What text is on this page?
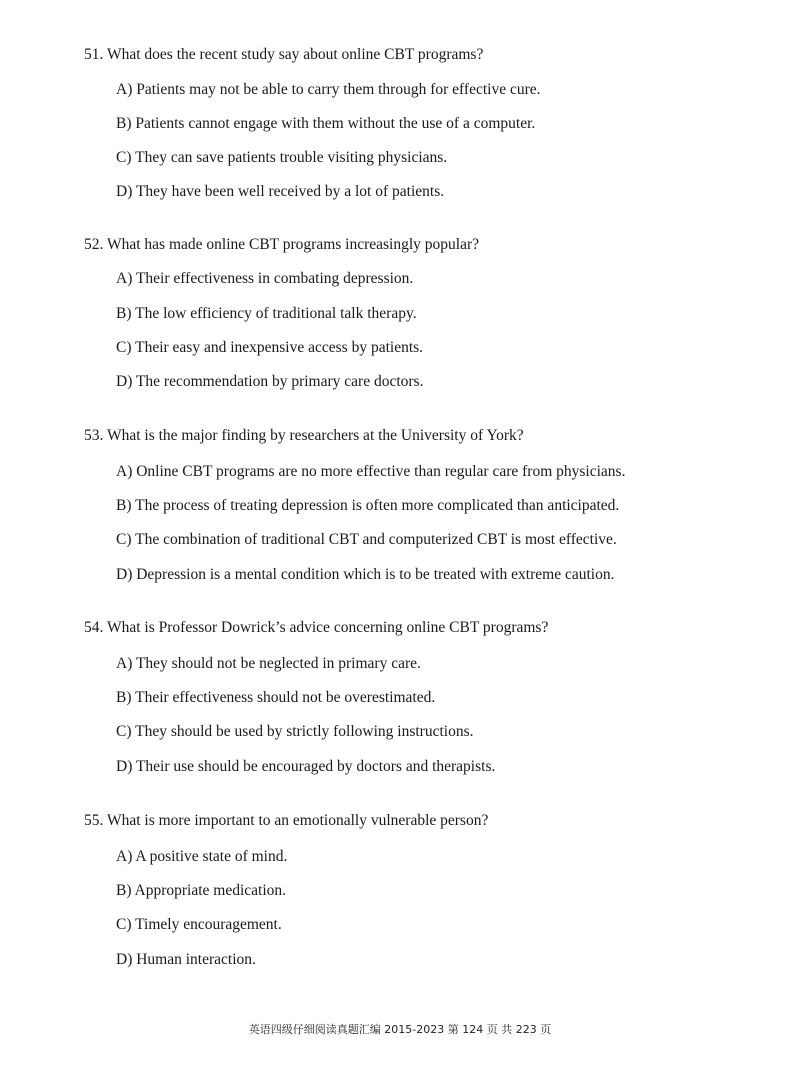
51. What does the recent study say about online CBT programs?
A) Patients may not be able to carry them through for effective cure.
B) Patients cannot engage with them without the use of a computer.
C) They can save patients trouble visiting physicians.
D) They have been well received by a lot of patients.
52. What has made online CBT programs increasingly popular?
A) Their effectiveness in combating depression.
B) The low efficiency of traditional talk therapy.
C) Their easy and inexpensive access by patients.
D) The recommendation by primary care doctors.
53. What is the major finding by researchers at the University of York?
A) Online CBT programs are no more effective than regular care from physicians.
B) The process of treating depression is often more complicated than anticipated.
C) The combination of traditional CBT and computerized CBT is most effective.
D) Depression is a mental condition which is to be treated with extreme caution.
54. What is Professor Dowrick’s advice concerning online CBT programs?
A) They should not be neglected in primary care.
B) Their effectiveness should not be overestimated.
C) They should be used by strictly following instructions.
D) Their use should be encouraged by doctors and therapists.
55. What is more important to an emotionally vulnerable person?
A) A positive state of mind.
B) Appropriate medication.
C) Timely encouragement.
D) Human interaction.
英语四级仔细阅读真题汇编 2015-2023 第 124 页 共 223 页
